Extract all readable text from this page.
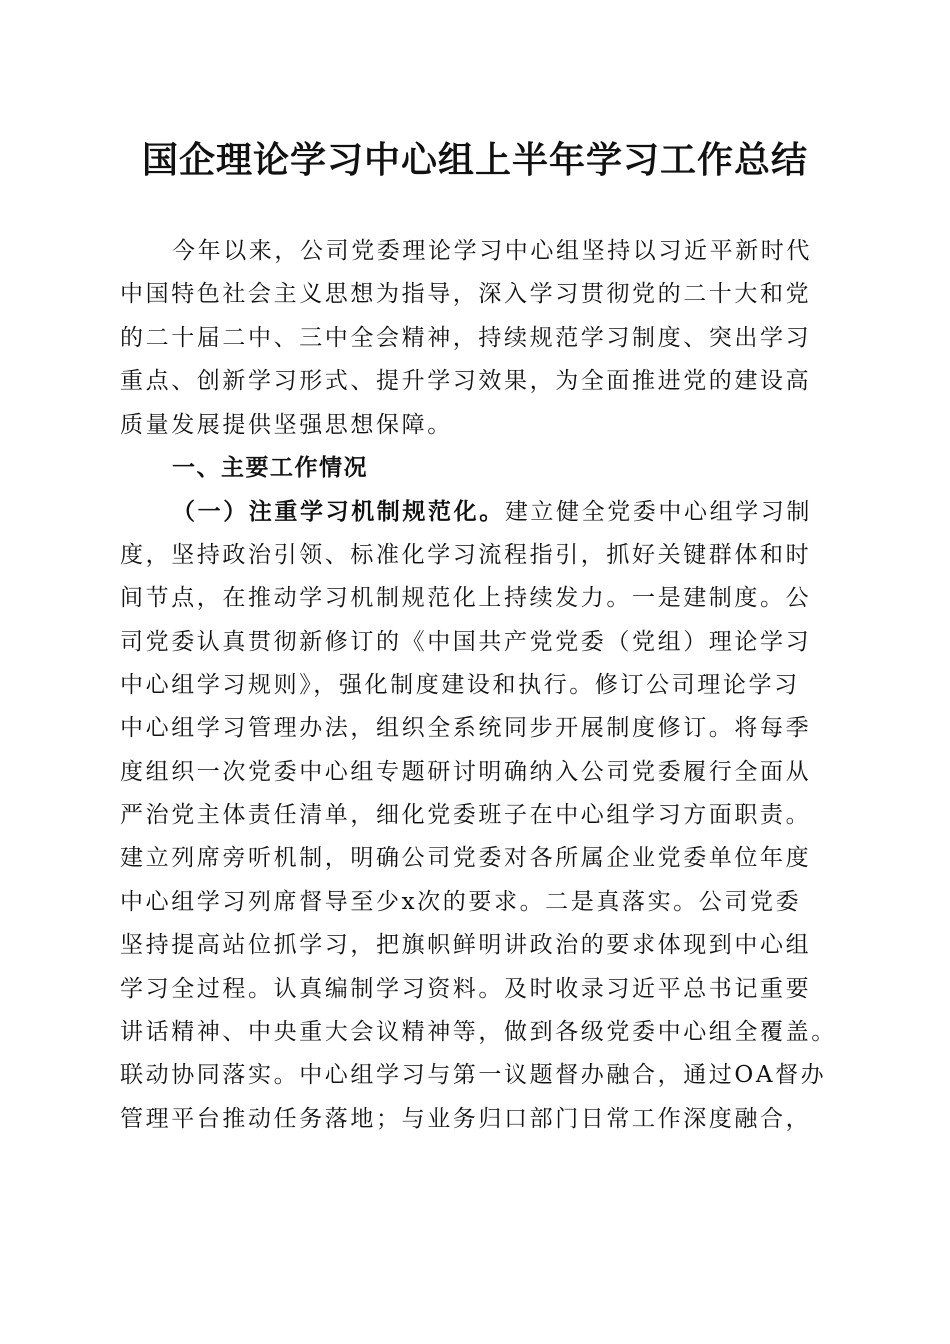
国企理论学习中心组上半年学习工作总结
今年以来，公司党委理论学习中心组坚持以习近平新时代
中国特色社会主义思想为指导，深入学习贯彻党的二十大和党
的二十届二中、三中全会精神，持续规范学习制度、突出学习
重点、创新学习形式、提升学习效果，为全面推进党的建设高
质量发展提供坚强思想保障。
一、主要工作情况
（一）注重学习机制规范化。建立健全党委中心组学习制
度，坚持政治引领、标准化学习流程指引，抓好关键群体和时
间节点，在推动学习机制规范化上持续发力。一是建制度。公
司党委认真贯彻新修订的《中国共产党党委（党组）理论学习
中心组学习规则》，强化制度建设和执行。修订公司理论学习
中心组学习管理办法，组织全系统同步开展制度修订。将每季
度组织一次党委中心组专题研讨明确纳入公司党委履行全面从
严治党主体责任清单，细化党委班子在中心组学习方面职责。
建立列席旁听机制，明确公司党委对各所属企业党委单位年度
中心组学习列席督导至少x次的要求。二是真落实。公司党委
坚持提高站位抓学习，把旗帜鲜明讲政治的要求体现到中心组
学习全过程。认真编制学习资料。及时收录习近平总书记重要
讲话精神、中央重大会议精神等，做到各级党委中心组全覆盖。
联动协同落实。中心组学习与第一议题督办融合，通过OA督办
管理平台推动任务落地；与业务归口部门日常工作深度融合，
